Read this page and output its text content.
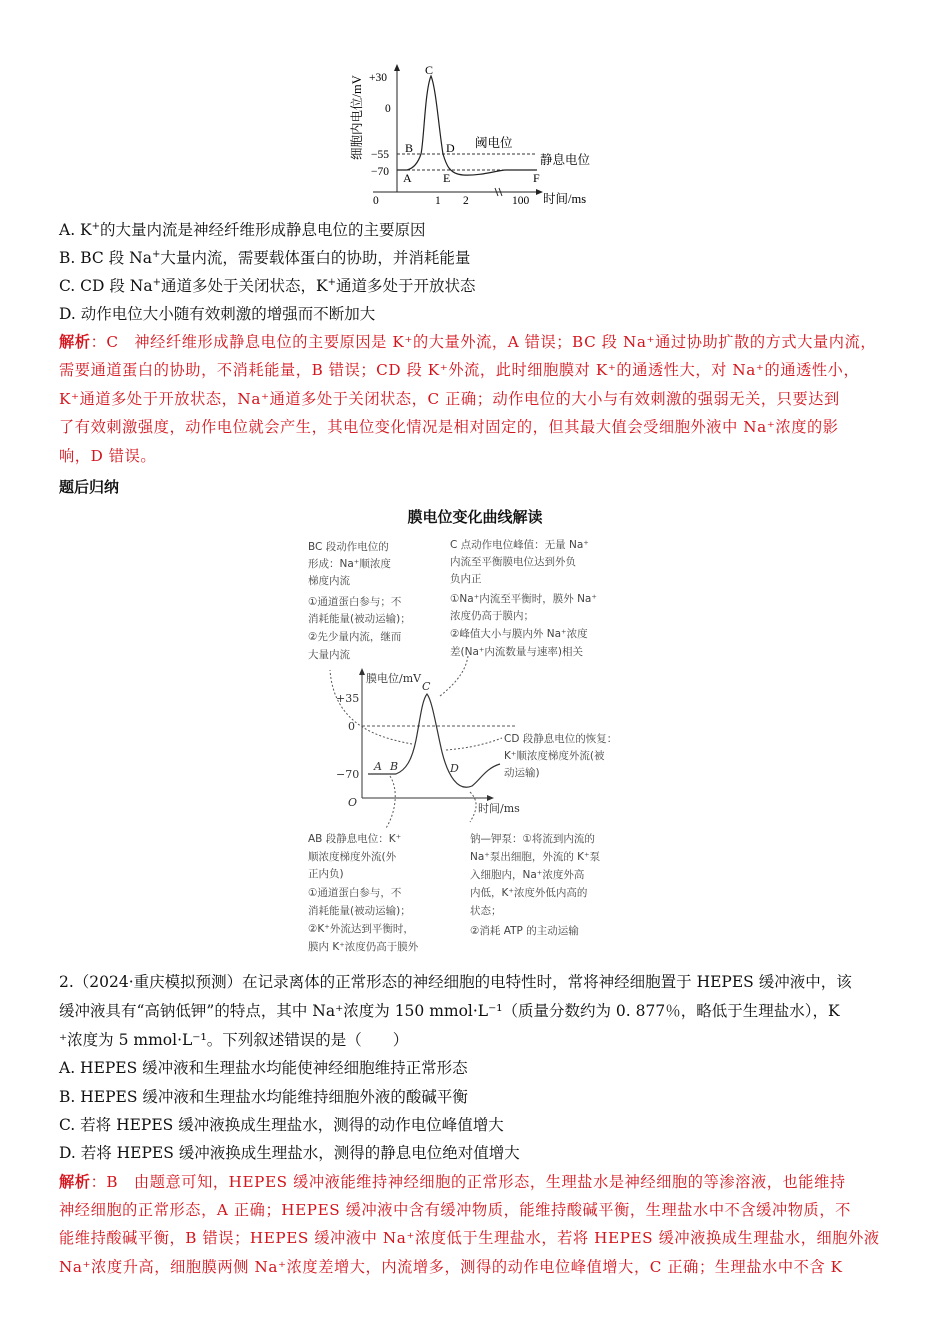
细胞内电位/mV
时间/ms
+30
0
−55
−70
0	1 2	100
阈电位
静息电位
A
B
C
D
E	F
A. K+的大量内流是神经纤维形成静息电位的主要原因
B. BC 段 Na+大量内流，需要载体蛋白的协助，并消耗能量
C. CD 段 Na+通道多处于关闭状态，K+通道多处于开放状态
D. 动作电位大小随有效刺激的增强而不断加大
解析：C　神经纤维形成静息电位的主要原因是 K⁺的大量外流，A 错误；BC 段 Na⁺通过协助扩散的方式大量内流，
需要通道蛋白的协助，不消耗能量，B 错误；CD 段 K⁺外流，此时细胞膜对 K⁺的通透性大，对 Na⁺的通透性小，
K⁺通道多处于开放状态，Na⁺通道多处于关闭状态，C 正确；动作电位的大小与有效刺激的强弱无关，只要达到
了有效刺激强度，动作电位就会产生，其电位变化情况是相对固定的，但其最大值会受细胞外液中 Na⁺浓度的影
响，D 错误。
题后归纳
膜电位变化曲线解读
BC 段动作电位的
形成：Na⁺顺浓度
梯度内流
①通道蛋白参与；不
消耗能量(被动运输)；
②先少量内流，继而
大量内流
C 点动作电位峰值：无量 Na⁺
内流至平衡膜电位达到外负
负内正
①Na⁺内流至平衡时，膜外 Na⁺
浓度仍高于膜内；
②峰值大小与膜内外 Na⁺浓度
差(Na⁺内流数量与速率)相关
膜电位/mV
时间/ms
O
+35
0
−70
A B
C
D
CD 段静息电位的恢复：
K⁺顺浓度梯度外流(被
动运输)
AB 段静息电位：K⁺
顺浓度梯度外流(外
正内负)
①通道蛋白参与，不
消耗能量(被动运输)；
②K⁺外流达到平衡时，
膜内 K⁺浓度仍高于膜外
钠—钾泵：①将流到内流的
Na⁺泵出细胞，外流的 K⁺泵
入细胞内，Na⁺浓度外高
内低，K⁺浓度外低内高的
状态；
②消耗 ATP 的主动运输
2.（2024·重庆模拟预测）在记录离体的正常形态的神经细胞的电特性时，常将神经细胞置于 HEPES 缓冲液中，该
缓冲液具有“高钠低钾”的特点，其中 Na⁺浓度为 150 mmol·L⁻¹（质量分数约为 0. 877％，略低于生理盐水），K
⁺浓度为 5 mmol·L⁻¹。下列叙述错误的是（　　）
A. HEPES 缓冲液和生理盐水均能使神经细胞维持正常形态
B. HEPES 缓冲液和生理盐水均能维持细胞外液的酸碱平衡
C. 若将 HEPES 缓冲液换成生理盐水，测得的动作电位峰值增大
D. 若将 HEPES 缓冲液换成生理盐水，测得的静息电位绝对值增大
解析：B　由题意可知，HEPES 缓冲液能维持神经细胞的正常形态，生理盐水是神经细胞的等渗溶液，也能维持
神经细胞的正常形态，A 正确；HEPES 缓冲液中含有缓冲物质，能维持酸碱平衡，生理盐水中不含缓冲物质，不
能维持酸碱平衡，B 错误；HEPES 缓冲液中 Na⁺浓度低于生理盐水，若将 HEPES 缓冲液换成生理盐水，细胞外液
Na⁺浓度升高，细胞膜两侧 Na⁺浓度差增大，内流增多，测得的动作电位峰值增大，C 正确；生理盐水中不含 K
